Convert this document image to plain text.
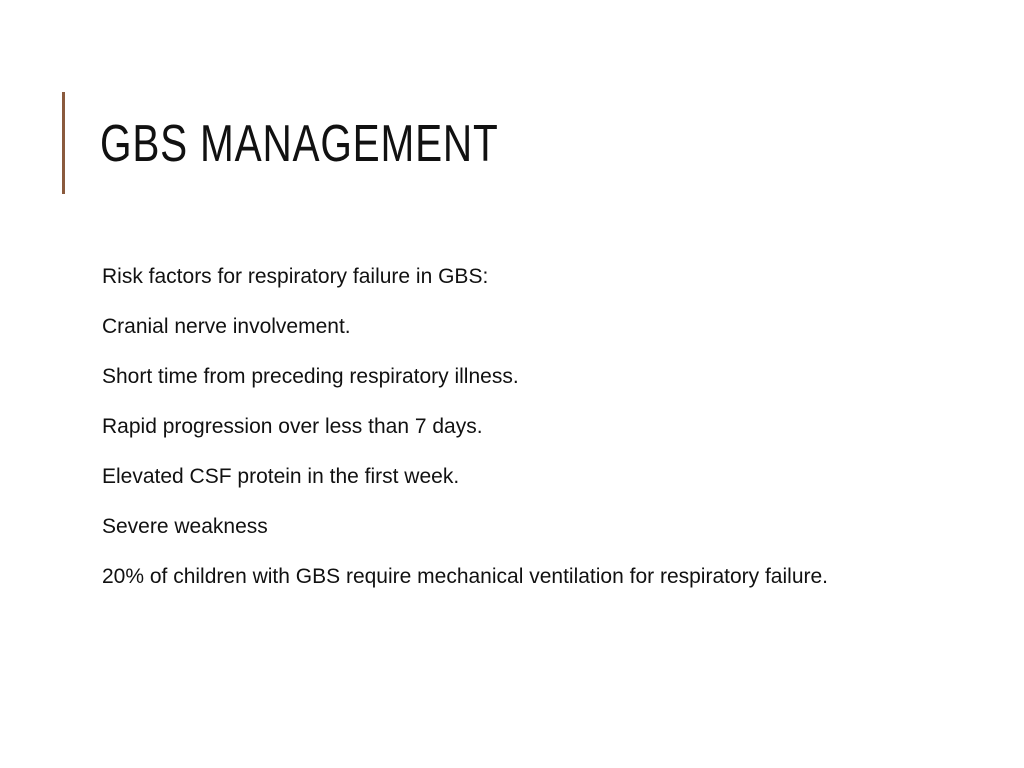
GBS MANAGEMENT

Risk factors for respiratory failure in GBS:

Cranial nerve involvement.

Short time from preceding respiratory illness.

Rapid progression over less than 7 days.

Elevated CSF protein in the first week.

Severe weakness

20% of children with GBS require mechanical ventilation for respiratory failure.
